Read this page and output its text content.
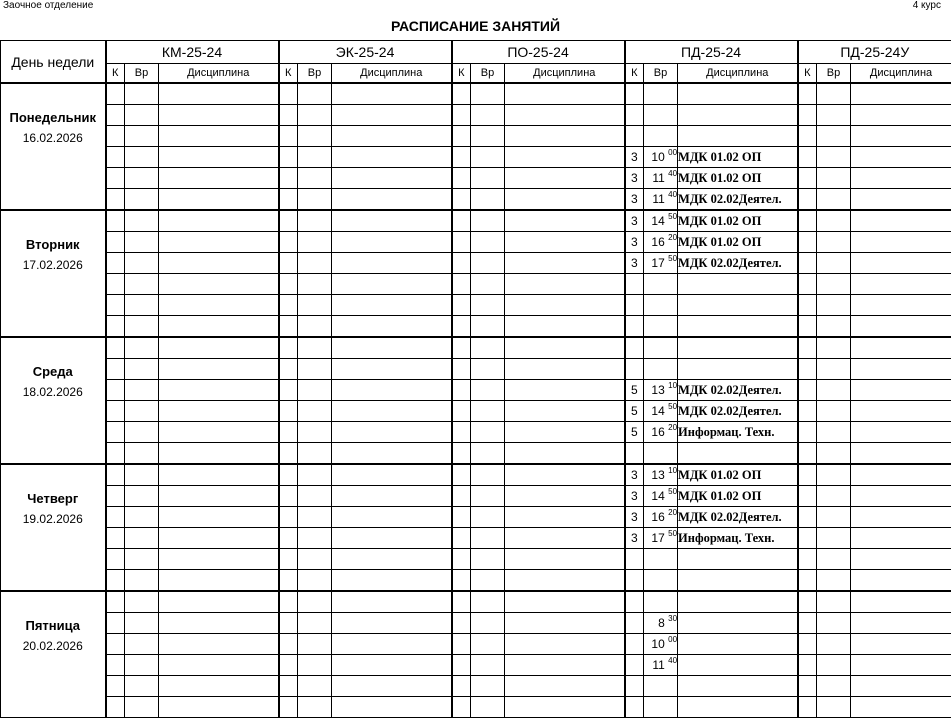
Заочное отделение	4 курс
РАСПИСАНИЕ ЗАНЯТИЙ
День недели	КМ-25-24			ЭК-25-24			ПО-25-24			ПД-25-24			ПД-25-24У		
	К	Вр	Дисциплина	К	Вр	Дисциплина	К	Вр	Дисциплина	К	Вр	Дисциплина	К	Вр	Дисциплина

Понедельник
16.02.2026															

										3	10 $^{00}$	МДК 01.02 ОП			
										3	11 $^{40}$	МДК 01.02 ОП			
										3	11 $^{40}$	МДК 02.02Деятел.			

Вторник
17.02.2026										3	14 $^{50}$	МДК 01.02 ОП			
										3	16 $^{20}$	МДК 01.02 ОП			
										3	17 $^{50}$	МДК 02.02Деятел.			

Среда
18.02.2026															

										5	13 $^{10}$	МДК 02.02Деятел.			
										5	14 $^{50}$	МДК 02.02Деятел.			
										5	16 $^{20}$	Информац. Техн.			

Четверг
19.02.2026										3	13 $^{10}$	МДК 01.02 ОП			
										3	14 $^{50}$	МДК 01.02 ОП			
										3	16 $^{20}$	МДК 02.02Деятел.			
										3	17 $^{50}$	Информац. Техн.			

Пятница
20.02.2026															

											8 $^{30}$				
											10 $^{00}$				
											11 $^{40}$				
